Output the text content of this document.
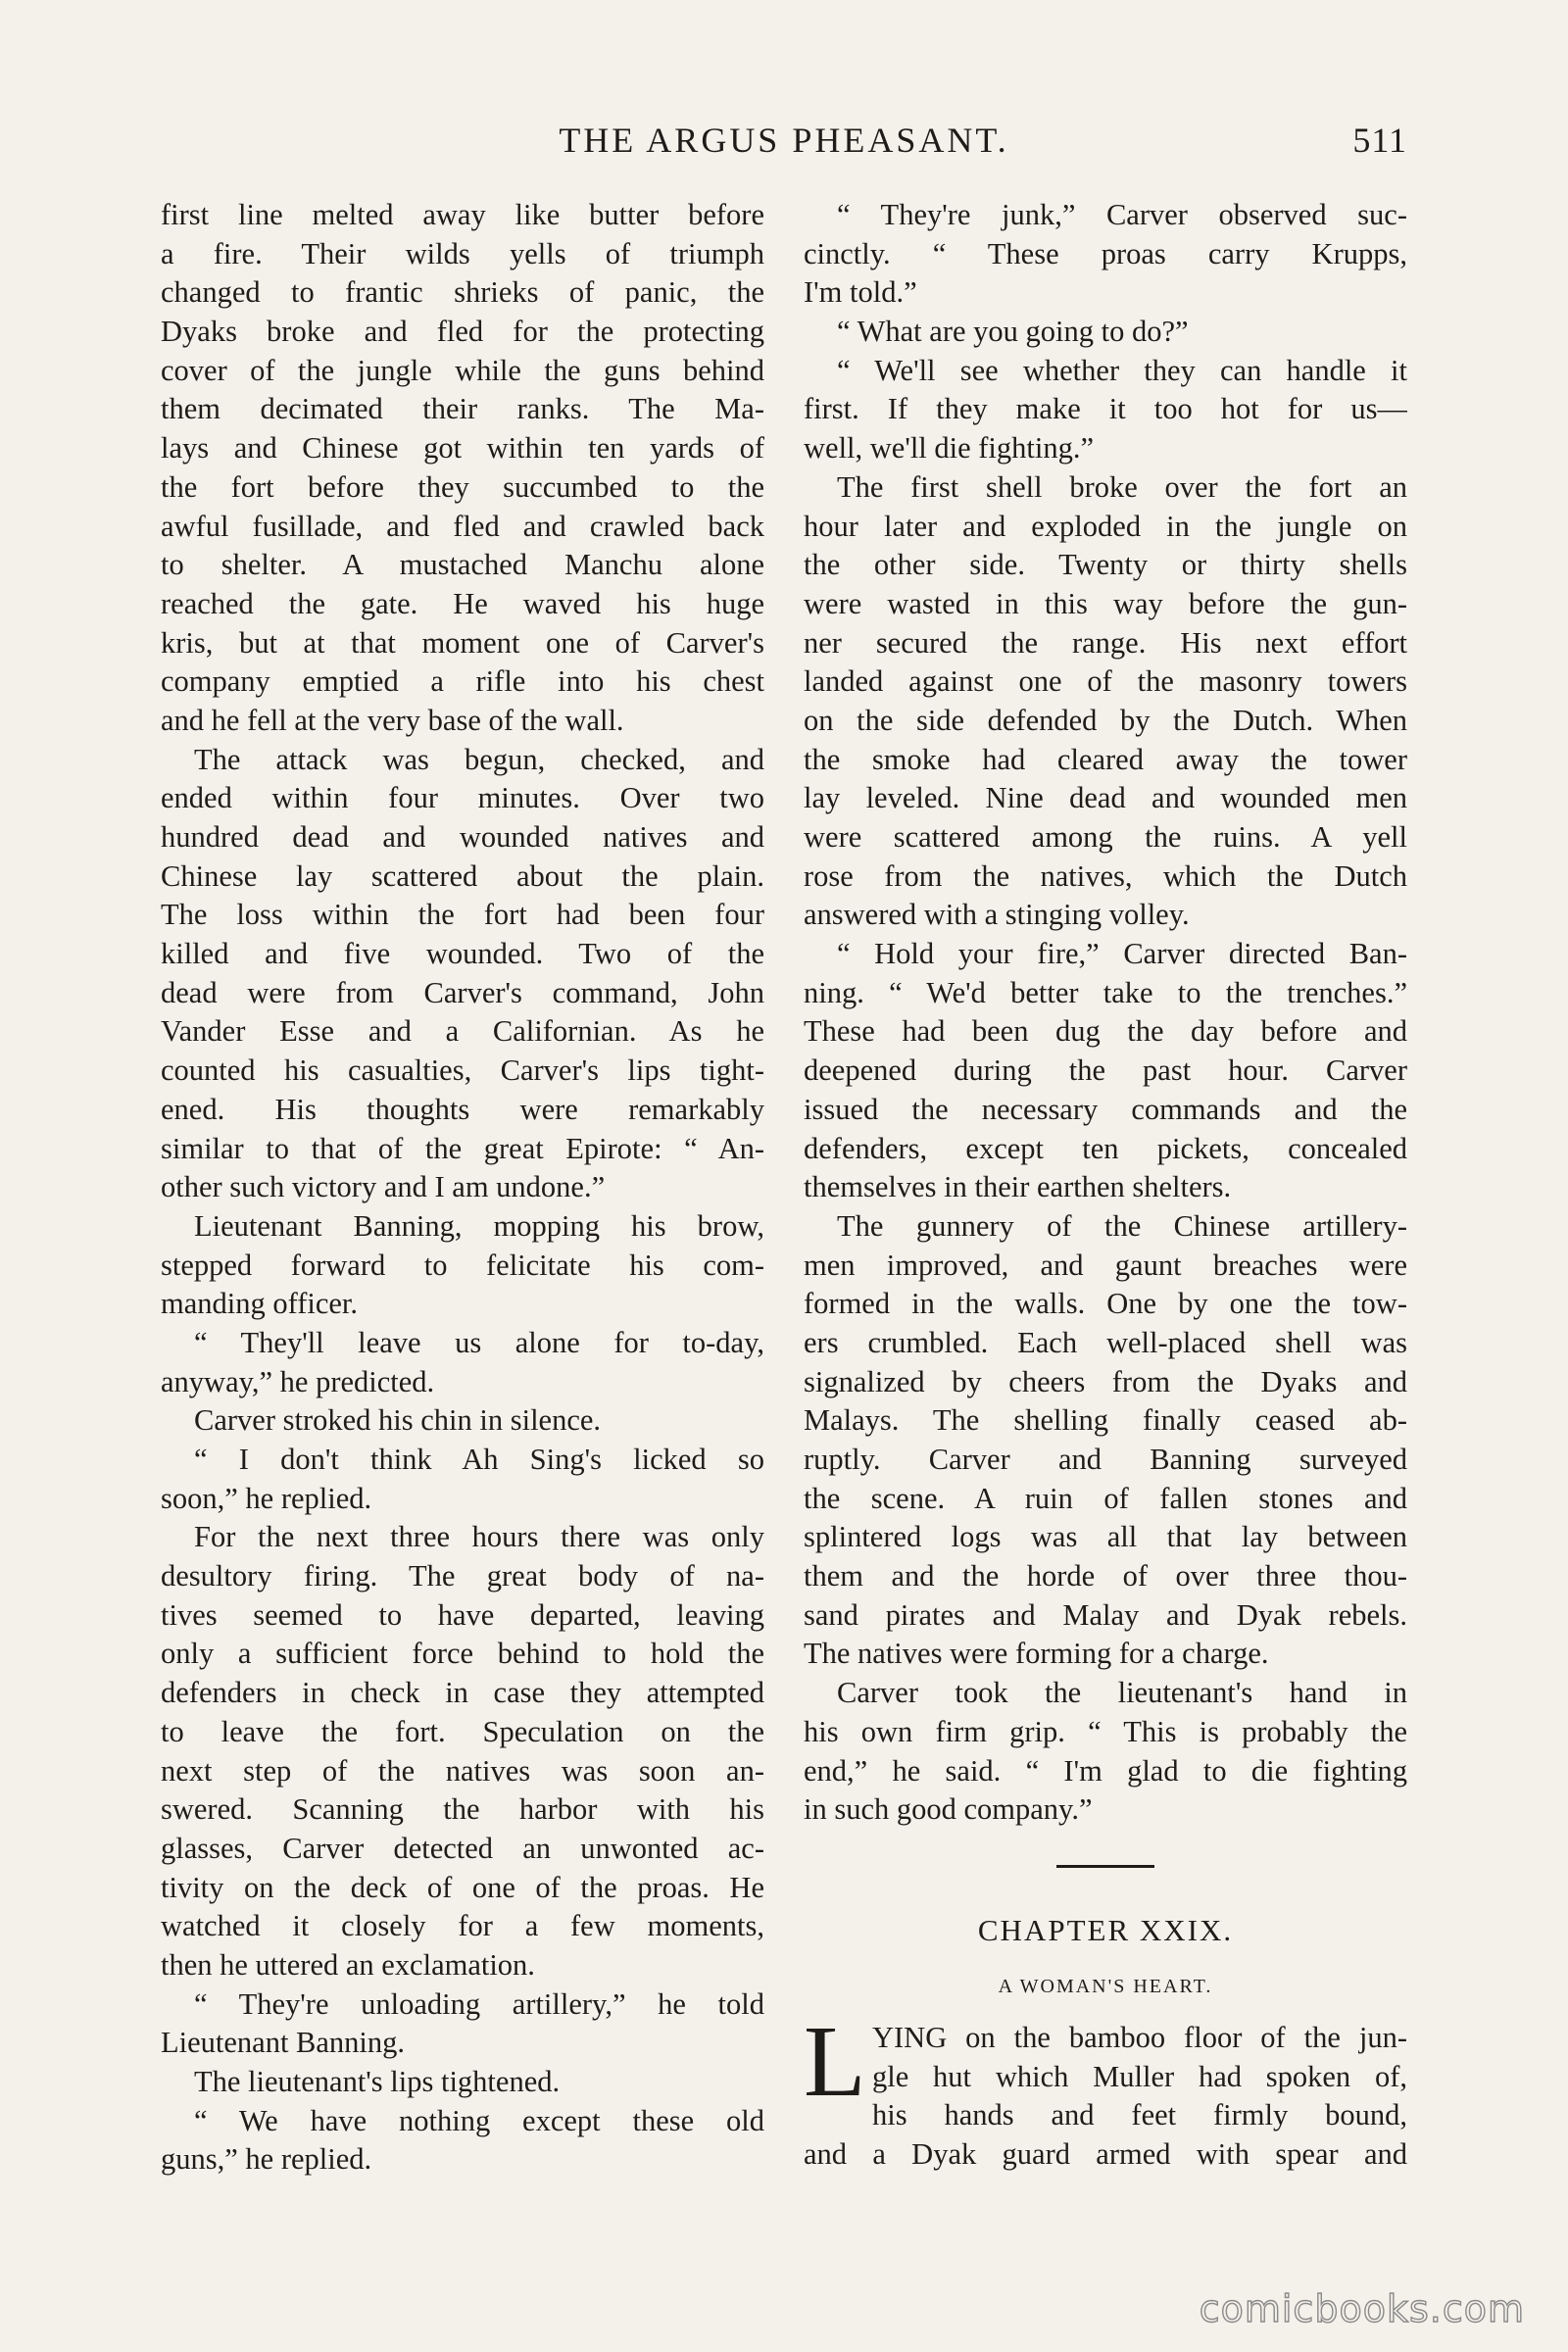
THE ARGUS PHEASANT.	511
first line melted away like butter before
a fire. Their wilds yells of triumph
changed to frantic shrieks of panic, the
Dyaks broke and fled for the protecting
cover of the jungle while the guns behind
them decimated their ranks. The Ma-
lays and Chinese got within ten yards of
the fort before they succumbed to the
awful fusillade, and fled and crawled back
to shelter. A mustached Manchu alone
reached the gate. He waved his huge
kris, but at that moment one of Carver's
company emptied a rifle into his chest
and he fell at the very base of the wall.
The attack was begun, checked, and
ended within four minutes. Over two
hundred dead and wounded natives and
Chinese lay scattered about the plain.
The loss within the fort had been four
killed and five wounded. Two of the
dead were from Carver's command, John
Vander Esse and a Californian. As he
counted his casualties, Carver's lips tight-
ened. His thoughts were remarkably
similar to that of the great Epirote: “ An-
other such victory and I am undone.”
Lieutenant Banning, mopping his brow,
stepped forward to felicitate his com-
manding officer.
“ They'll leave us alone for to-day,
anyway,” he predicted.
Carver stroked his chin in silence.
“ I don't think Ah Sing's licked so
soon,” he replied.
For the next three hours there was only
desultory firing. The great body of na-
tives seemed to have departed, leaving
only a sufficient force behind to hold the
defenders in check in case they attempted
to leave the fort. Speculation on the
next step of the natives was soon an-
swered. Scanning the harbor with his
glasses, Carver detected an unwonted ac-
tivity on the deck of one of the proas. He
watched it closely for a few moments,
then he uttered an exclamation.
“ They're unloading artillery,” he told
Lieutenant Banning.
The lieutenant's lips tightened.
“ We have nothing except these old
guns,” he replied.
“ They're junk,” Carver observed suc-
cinctly. “ These proas carry Krupps,
I'm told.”
“ What are you going to do?”
“ We'll see whether they can handle it
first. If they make it too hot for us—
well, we'll die fighting.”
The first shell broke over the fort an
hour later and exploded in the jungle on
the other side. Twenty or thirty shells
were wasted in this way before the gun-
ner secured the range. His next effort
landed against one of the masonry towers
on the side defended by the Dutch. When
the smoke had cleared away the tower
lay leveled. Nine dead and wounded men
were scattered among the ruins. A yell
rose from the natives, which the Dutch
answered with a stinging volley.
“ Hold your fire,” Carver directed Ban-
ning. “ We'd better take to the trenches.”
These had been dug the day before and
deepened during the past hour. Carver
issued the necessary commands and the
defenders, except ten pickets, concealed
themselves in their earthen shelters.
The gunnery of the Chinese artillery-
men improved, and gaunt breaches were
formed in the walls. One by one the tow-
ers crumbled. Each well-placed shell was
signalized by cheers from the Dyaks and
Malays. The shelling finally ceased ab-
ruptly. Carver and Banning surveyed
the scene. A ruin of fallen stones and
splintered logs was all that lay between
them and the horde of over three thou-
sand pirates and Malay and Dyak rebels.
The natives were forming for a charge.
Carver took the lieutenant's hand in
his own firm grip. “ This is probably the
end,” he said. “ I'm glad to die fighting
in such good company.”
CHAPTER XXIX.
A WOMAN'S HEART.
L YING on the bamboo floor of the jun-
gle hut which Muller had spoken of,
his hands and feet firmly bound,
and a Dyak guard armed with spear and
comicbooks.com
